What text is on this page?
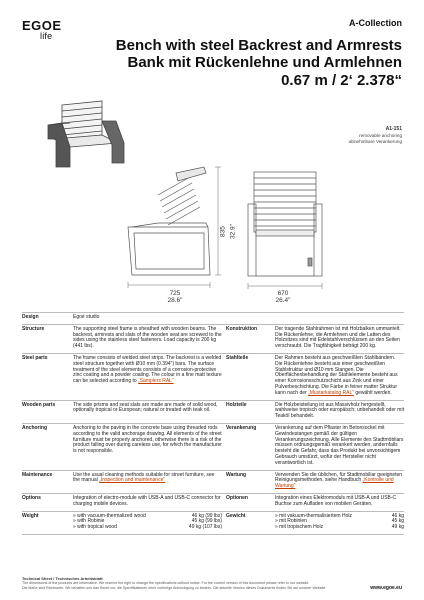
EGOE
life
A-Collection
Bench with steel Backrest and Armrests
Bank mit Rückenlehne und Armlehnen
0.67 m / 2‘ 2.378“
A1-151
removable anchoring
abnehmbare Verankerung
835 32.9"
725
28.6"
670
26.4"
Design	Egoé studio
Structure	The supporting steel frame is sheathed with wooden beams. The backrest, armrests and slats of the wooden seat are screwed to the sides using the stainless steel fasteners. Load capacity is 200 kg (441 lbs).
Konstruktion	Der tragende Stahlrahmen ist mit Holzbalken ummantelt. Die Rückenlehne, die Armlehnen und die Latten des Holzsitzes sind mit Edelstahlverschlüssen an den Seiten verschraubt. Die Tragfähigkeit beträgt 200 kg.
Steel parts	The frame consists of welded steel strips. The backrest is a welded steel structure together with Ø10 mm (0.394") bars. The surface treatment of the steel elements consists of a corrosion-protective zinc coating and a powder coating. The colour in a fine matt texture can be selected according to „Samplers RAL“
Stahlteile	Der Rahmen besteht aus geschweißten Stahlbändern. Die Rückenlehne besteht aus einer geschweißten Stahlstruktur und Ø10 mm Stangen. Die Oberflächenbehandlung der Stahlelemente besteht aus einer Korrosionsschutzschicht aus Zink und einer Pulverbeschichtung. Die Farbe in feiner matter Struktur kann nach der „Mustarkatalog RAL“ gewählt werden.
Wooden parts	The side prisms and seat slats are made are made of solid wood, optionally tropical or European; natural or treated with teak oil.
Holzteile	Die Holzbeisteilung ist aus Massivholz hergestellt, wahlweise tropisch oder europäisch; unbehandelt oder mit Teaköl behandelt.
Anchoring	Anchoring to the paving in the concrete base using threaded rods according to the valid anchorage drawing. All elements of the street furniture must be properly anchored, otherwise there is a risk of the product falling over during careless use, for which the manufacturer is not responsible.
Verankerung	Verankerung auf dem Pflaster im Betonsockel mit Gewindestangen gemäß der gültigen Verankerungszeichnung. Alle Elemente des Stadtmöbliars müssen ordnungsgemäß verankert werden, andernfalls besteht die Gefahr, dass das Produkt bei unvorsichtigem Gebrauch umstürzt, wofür der Hersteller nicht verantwortlich ist.
Maintenance	Use the usual cleaning methods suitable for street furniture, see the manual „Inspection and maintenance“
Wartung	Verwenden Sie die üblichen, für Stadtmobiliar geeigneten Reinigungsmethoden, siehe Handbuch „Kontrolle und Wartung“
Options	Integration of electro-module with USB-A and USB-C connector for charging mobile devices.
Optionen	Integration eines Elektromoduls mit USB-A und USB-C Buchse zum Aufladen von mobilen Geräten.
Weight	» with vacuum-thermalized wood	46 kg (99 lbs)
» with Robinie	45 kg (99 lbs)
» with tropical wood	49 kg (107 lbs)
Gewicht	» mit vakuum-thermalisiertem Holz	46 kg
» mit Robinien	45 kg
» mit tropischem Holz	49 kg
Technical Sheet / Technisches Arbeitsblatt
The dimensions of the products are informative. We reserve the right to change the specifications without notice. For the current version of this document please refer to our website.
Die Maße sind Richtwerte. Wir behalten uns das Recht vor, die Spezifikationen ohne vorherige Ankündigung zu ändern. Die aktuelle Version dieses Dokuments finden Sie auf unserer Website.	www.egoe.eu
